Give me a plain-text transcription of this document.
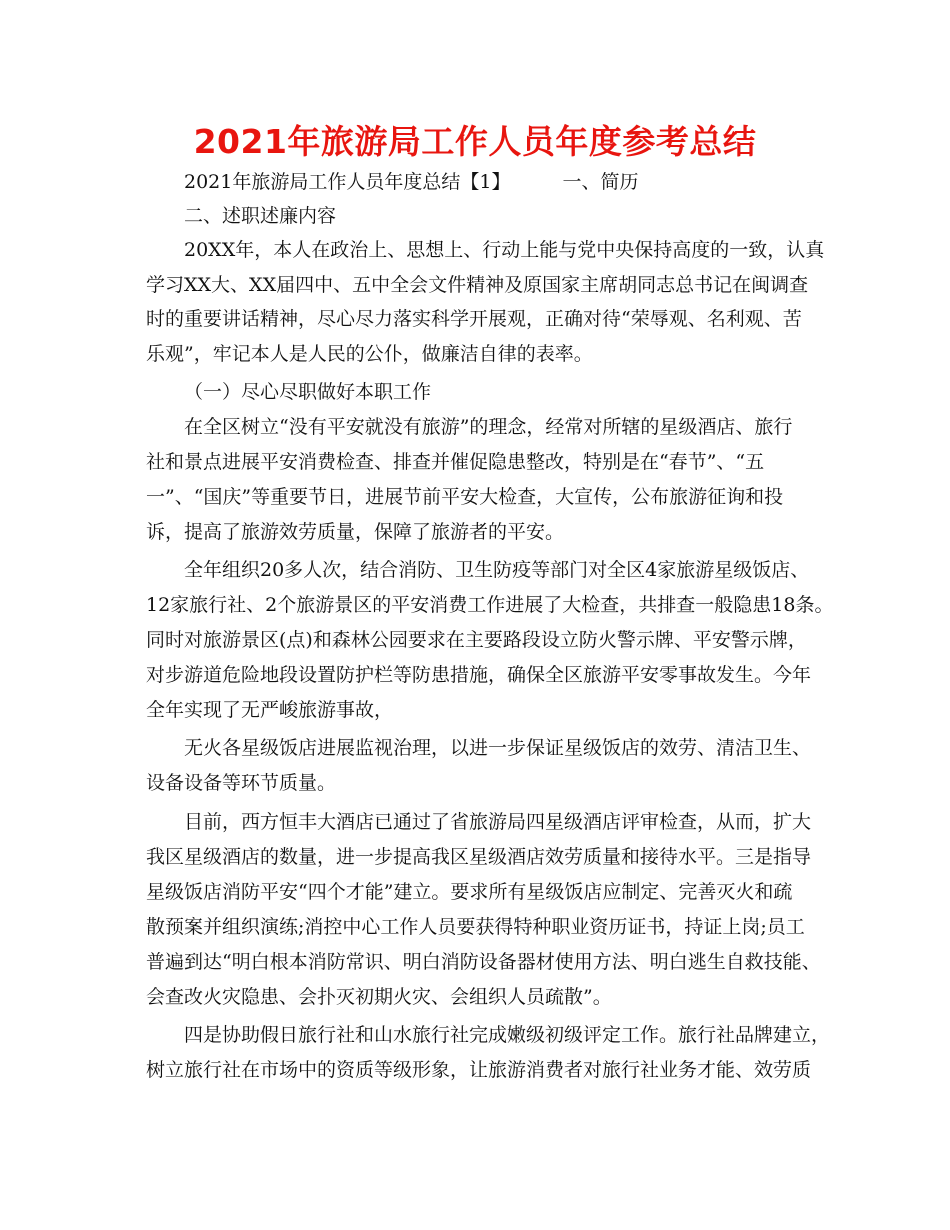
2021年旅游局工作人员年度参考总结
2021年旅游局工作人员年度总结【1】	一、简历
二、述职述廉内容
20XX年，本人在政治上、思想上、行动上能与党中央保持高度的一致，认真
学习XX大、XX届四中、五中全会文件精神及原国家主席胡同志总书记在闽调查
时的重要讲话精神，尽心尽力落实科学开展观，正确对待“荣辱观、名利观、苦
乐观”，牢记本人是人民的公仆，做廉洁自律的表率。
（一）尽心尽职做好本职工作
在全区树立“没有平安就没有旅游”的理念，经常对所辖的星级酒店、旅行
社和景点进展平安消费检查、排查并催促隐患整改，特别是在“春节”、“五
一”、“国庆”等重要节日，进展节前平安大检查，大宣传，公布旅游征询和投
诉，提高了旅游效劳质量，保障了旅游者的平安。
全年组织20多人次，结合消防、卫生防疫等部门对全区4家旅游星级饭店、
12家旅行社、2个旅游景区的平安消费工作进展了大检查，共排查一般隐患18条。
同时对旅游景区(点)和森林公园要求在主要路段设立防火警示牌、平安警示牌，
对步游道危险地段设置防护栏等防患措施，确保全区旅游平安零事故发生。今年
全年实现了无严峻旅游事故，
无火各星级饭店进展监视治理，以进一步保证星级饭店的效劳、清洁卫生、
设备设备等环节质量。
目前，西方恒丰大酒店已通过了省旅游局四星级酒店评审检查，从而，扩大
我区星级酒店的数量，进一步提高我区星级酒店效劳质量和接待水平。三是指导
星级饭店消防平安“四个才能”建立。要求所有星级饭店应制定、完善灭火和疏
散预案并组织演练;消控中心工作人员要获得特种职业资历证书，持证上岗;员工
普遍到达“明白根本消防常识、明白消防设备器材使用方法、明白逃生自救技能、
会查改火灾隐患、会扑灭初期火灾、会组织人员疏散”。
四是协助假日旅行社和山水旅行社完成嫩级初级评定工作。旅行社品牌建立，
树立旅行社在市场中的资质等级形象，让旅游消费者对旅行社业务才能、效劳质
